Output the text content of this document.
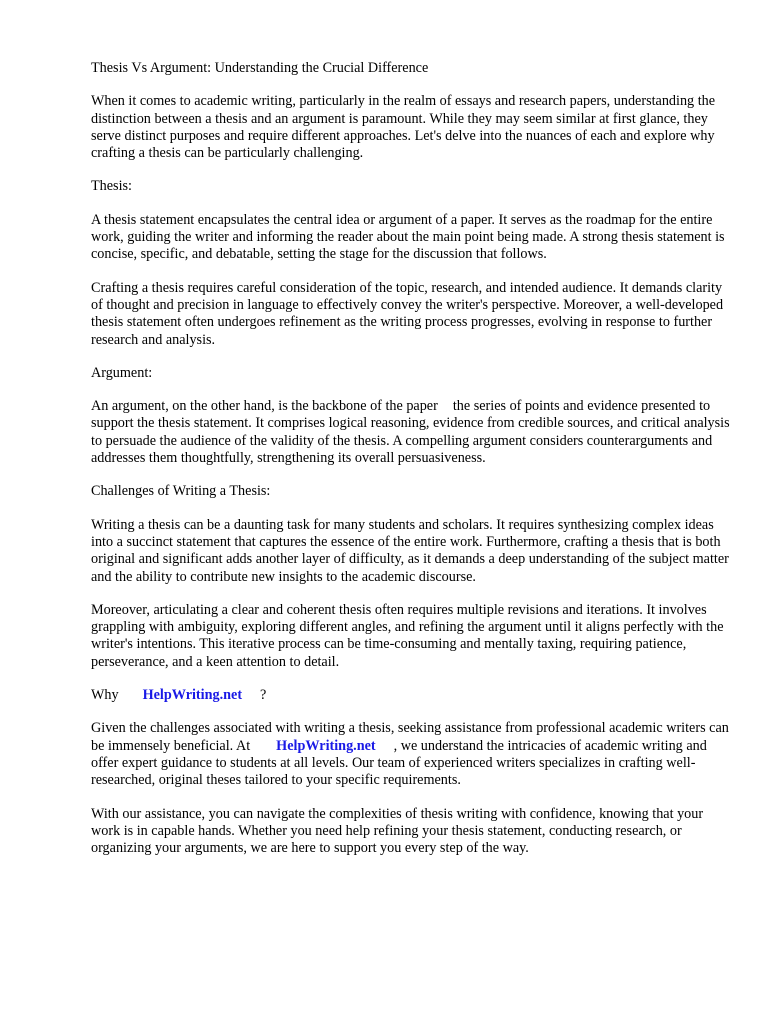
Thesis Vs Argument: Understanding the Crucial Difference

When it comes to academic writing, particularly in the realm of essays and research papers, understanding the distinction between a thesis and an argument is paramount. While they may seem similar at first glance, they serve distinct purposes and require different approaches. Let's delve into the nuances of each and explore why crafting a thesis can be particularly challenging.

Thesis:

A thesis statement encapsulates the central idea or argument of a paper. It serves as the roadmap for the entire work, guiding the writer and informing the reader about the main point being made. A strong thesis statement is concise, specific, and debatable, setting the stage for the discussion that follows.

Crafting a thesis requires careful consideration of the topic, research, and intended audience. It demands clarity of thought and precision in language to effectively convey the writer's perspective. Moreover, a well-developed thesis statement often undergoes refinement as the writing process progresses, evolving in response to further research and analysis.

Argument:

An argument, on the other hand, is the backbone of the paper the series of points and evidence presented to support the thesis statement. It comprises logical reasoning, evidence from credible sources, and critical analysis to persuade the audience of the validity of the thesis. A compelling argument considers counterarguments and addresses them thoughtfully, strengthening its overall persuasiveness.

Challenges of Writing a Thesis:

Writing a thesis can be a daunting task for many students and scholars. It requires synthesizing complex ideas into a succinct statement that captures the essence of the entire work. Furthermore, crafting a thesis that is both original and significant adds another layer of difficulty, as it demands a deep understanding of the subject matter and the ability to contribute new insights to the academic discourse.

Moreover, articulating a clear and coherent thesis often requires multiple revisions and iterations. It involves grappling with ambiguity, exploring different angles, and refining the argument until it aligns perfectly with the writer's intentions. This iterative process can be time-consuming and mentally taxing, requiring patience, perseverance, and a keen attention to detail.

Why HelpWriting.net ?

Given the challenges associated with writing a thesis, seeking assistance from professional academic writers can be immensely beneficial. At HelpWriting.net , we understand the intricacies of academic writing and offer expert guidance to students at all levels. Our team of experienced writers specializes in crafting well-researched, original theses tailored to your specific requirements.

With our assistance, you can navigate the complexities of thesis writing with confidence, knowing that your work is in capable hands. Whether you need help refining your thesis statement, conducting research, or organizing your arguments, we are here to support you every step of the way.
